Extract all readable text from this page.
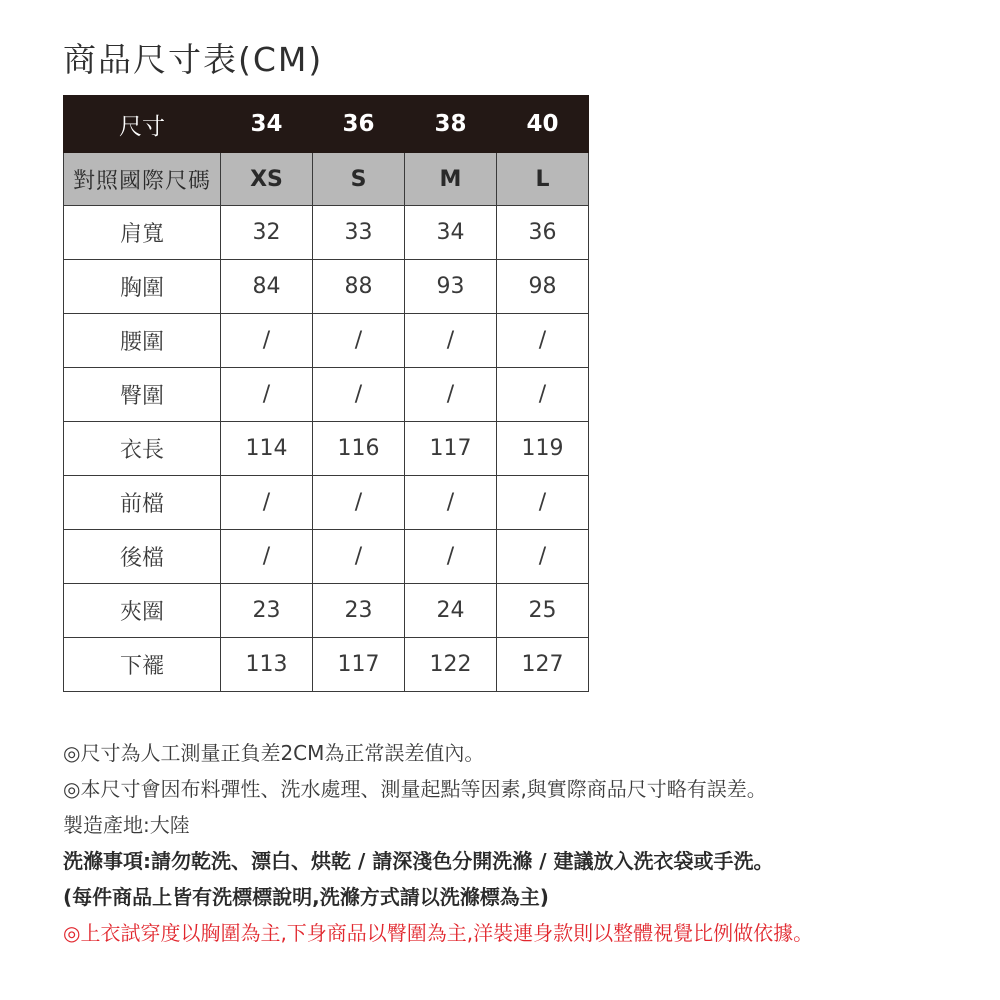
商品尺寸表(CM)
尺寸	34	36	38	40
對照國際尺碼	XS	S	M	L
肩寬	32	33	34	36
胸圍	84	88	93	98
腰圍	/	/	/	/
臀圍	/	/	/	/
衣長	114	116	117	119
前檔	/	/	/	/
後檔	/	/	/	/
夾圈	23	23	24	25
下襬	113	117	122	127
◎尺寸為人工測量正負差2CM為正常誤差值內。
◎本尺寸會因布料彈性、洗水處理、測量起點等因素,與實際商品尺寸略有誤差。
製造產地:大陸
洗滌事項:請勿乾洗、漂白、烘乾 / 請深淺色分開洗滌 / 建議放入洗衣袋或手洗。
(每件商品上皆有洗標標說明,洗滌方式請以洗滌標為主)
◎上衣試穿度以胸圍為主,下身商品以臀圍為主,洋裝連身款則以整體視覺比例做依據。
